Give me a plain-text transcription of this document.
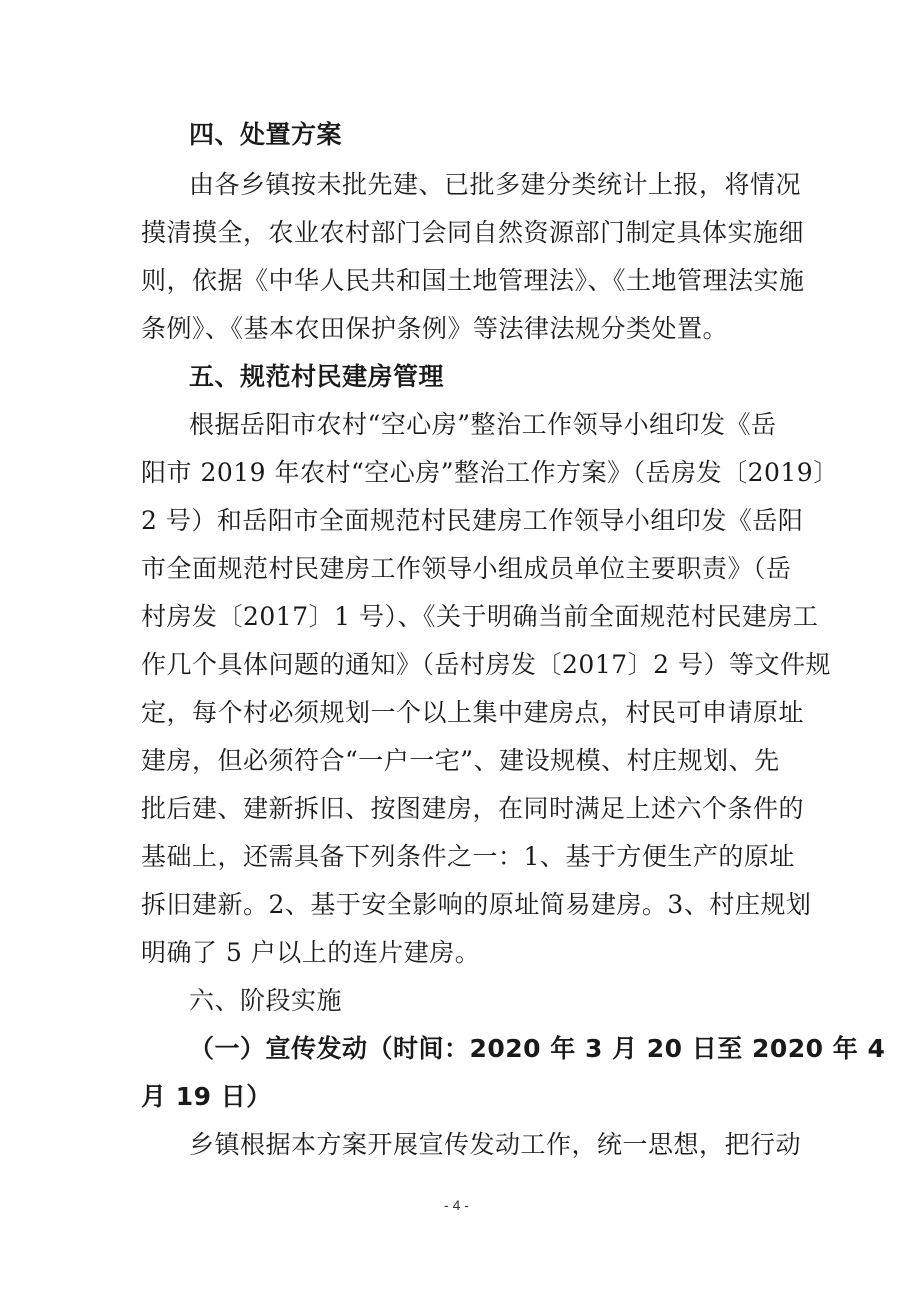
四、处置方案
由各乡镇按未批先建、已批多建分类统计上报，将情况
摸清摸全，农业农村部门会同自然资源部门制定具体实施细
则，依据《中华人民共和国土地管理法》、《土地管理法实施
条例》、《基本农田保护条例》等法律法规分类处置。
五、规范村民建房管理
根据岳阳市农村“空心房”整治工作领导小组印发《岳
阳市 2019 年农村“空心房”整治工作方案》（岳房发〔2019〕
2 号）和岳阳市全面规范村民建房工作领导小组印发《岳阳
市全面规范村民建房工作领导小组成员单位主要职责》（岳
村房发〔2017〕1 号）、《关于明确当前全面规范村民建房工
作几个具体问题的通知》（岳村房发〔2017〕2 号）等文件规
定，每个村必须规划一个以上集中建房点，村民可申请原址
建房，但必须符合“一户一宅”、建设规模、村庄规划、先
批后建、建新拆旧、按图建房，在同时满足上述六个条件的
基础上，还需具备下列条件之一：1、基于方便生产的原址
拆旧建新。2、基于安全影响的原址简易建房。3、村庄规划
明确了 5 户以上的连片建房。
六、阶段实施
（一）宣传发动（时间：2020 年 3 月 20 日至 2020 年 4
月 19 日）
乡镇根据本方案开展宣传发动工作，统一思想，把行动
- 4 -
